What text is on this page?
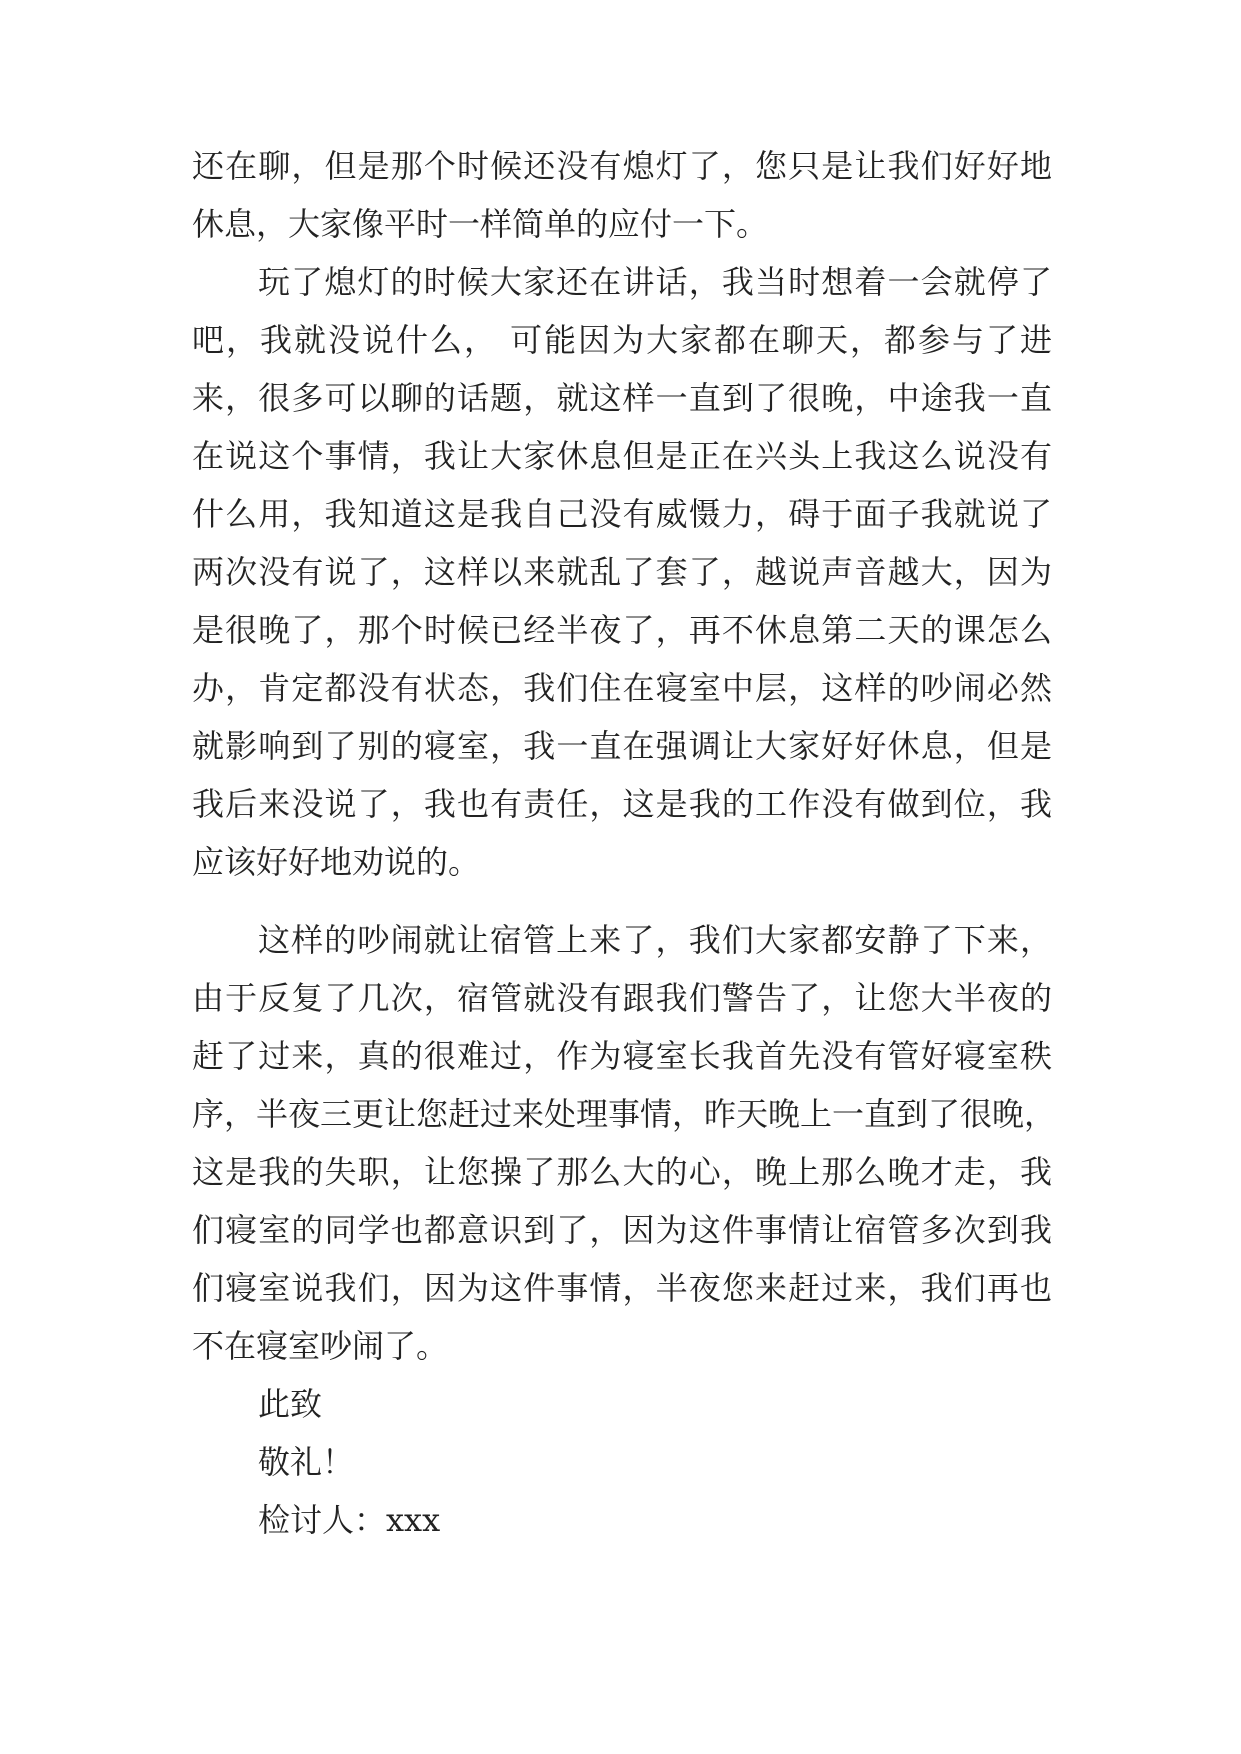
还在聊，但是那个时候还没有熄灯了，您只是让我们好好地
休息，大家像平时一样简单的应付一下。
玩了熄灯的时候大家还在讲话，我当时想着一会就停了
吧，我就没说什么， 可能因为大家都在聊天，都参与了进
来，很多可以聊的话题，就这样一直到了很晚，中途我一直
在说这个事情，我让大家休息但是正在兴头上我这么说没有
什么用，我知道这是我自己没有威慑力，碍于面子我就说了
两次没有说了，这样以来就乱了套了，越说声音越大，因为
是很晚了，那个时候已经半夜了，再不休息第二天的课怎么
办，肯定都没有状态，我们住在寝室中层，这样的吵闹必然
就影响到了别的寝室，我一直在强调让大家好好休息，但是
我后来没说了，我也有责任，这是我的工作没有做到位，我
应该好好地劝说的。
这样的吵闹就让宿管上来了，我们大家都安静了下来，
由于反复了几次，宿管就没有跟我们警告了，让您大半夜的
赶了过来，真的很难过，作为寝室长我首先没有管好寝室秩
序，半夜三更让您赶过来处理事情，昨天晚上一直到了很晚，
这是我的失职，让您操了那么大的心，晚上那么晚才走，我
们寝室的同学也都意识到了，因为这件事情让宿管多次到我
们寝室说我们，因为这件事情，半夜您来赶过来，我们再也
不在寝室吵闹了。
此致
敬礼！
检讨人：xxx
